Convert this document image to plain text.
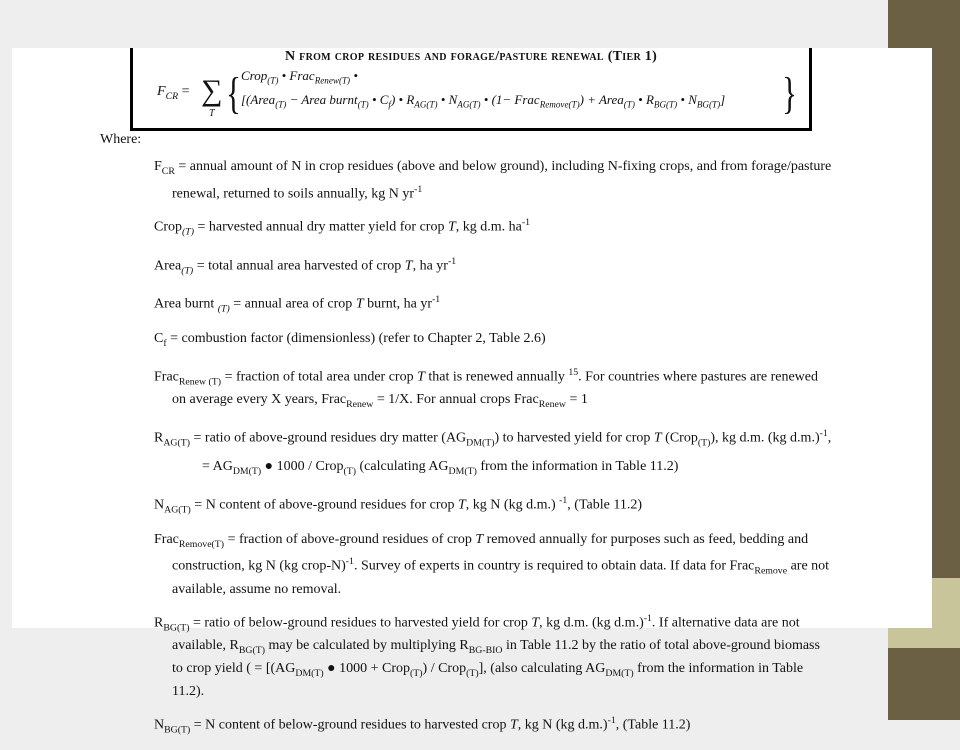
N from crop residues and forage/pasture renewal (Tier 1)
$F_{CR}$ = ∑
T { Crop$_{(T)}$ • Frac$_{Renew(T)}$ •
[(Area$_{(T)}$ − Area burnt$_{(T)}$ • $C_f$) • $R_{AG(T)}$ • $N_{AG(T)}$ • (1− Frac$_{Remove(T)}$) + Area$_{(T)}$ • $R_{BG(T)}$ • $N_{BG(T)}$] }
Where:

$F_{CR}$ = annual amount of N in crop residues (above and below ground), including N-fixing crops, and from forage/pasture renewal, returned to soils annually, kg N $yr^{-1}$

Crop$_{(T)}$ = harvested annual dry matter yield for crop T, kg d.m. $ha^{-1}$

Area$_{(T)}$ = total annual area harvested of crop T, ha $yr^{-1}$

Area burnt $_{(T)}$ = annual area of crop T burnt, ha $yr^{-1}$

$C_f$ = combustion factor (dimensionless) (refer to Chapter 2, Table 2.6)

Frac$_{Renew (T)}$ = fraction of total area under crop T that is renewed annually $^{15}$. For countries where pastures are renewed on average every X years, Frac$_{Renew}$ = 1/X. For annual crops Frac$_{Renew}$ = 1

$R_{AG(T)}$ = ratio of above-ground residues dry matter $(AG_{DM(T)})$ to harvested yield for crop T (Crop$_{(T)}$), kg d.m. (kg d.m.)$^{-1}$,

= $AG_{DM(T)}$ ● 1000 / Crop$_{(T)}$ (calculating $AG_{DM(T)}$ from the information in Table 11.2)

$N_{AG(T)} = N$ content of above-ground residues for crop T, kg N (kg d.m.) $^{-1}$, (Table 11.2)

Frac$_{Remove(T)}$ = fraction of above-ground residues of crop T removed annually for purposes such as feed, bedding and construction, kg N (kg crop-N)$^{-1}$. Survey of experts in country is required to obtain data. If data for Frac$_{Remove}$ are not available, assume no removal.

$R_{BG(T)}$ = ratio of below-ground residues to harvested yield for crop T, kg d.m. (kg d.m.)$^{-1}$. If alternative data are not available, $R_{BG(T)}$ may be calculated by multiplying $R_{BG-BIO}$ in Table 11.2 by the ratio of total above-ground biomass to crop yield ( = [($AG_{DM(T)}$ ● 1000 + Crop$_{(T)}$) / Crop$_{(T)}$], (also calculating $AG_{DM(T)}$ from the information in Table 11.2).

$N_{BG(T)} = N$ content of below-ground residues to harvested crop T, kg N (kg d.m.)$^{-1}$, (Table 11.2)
